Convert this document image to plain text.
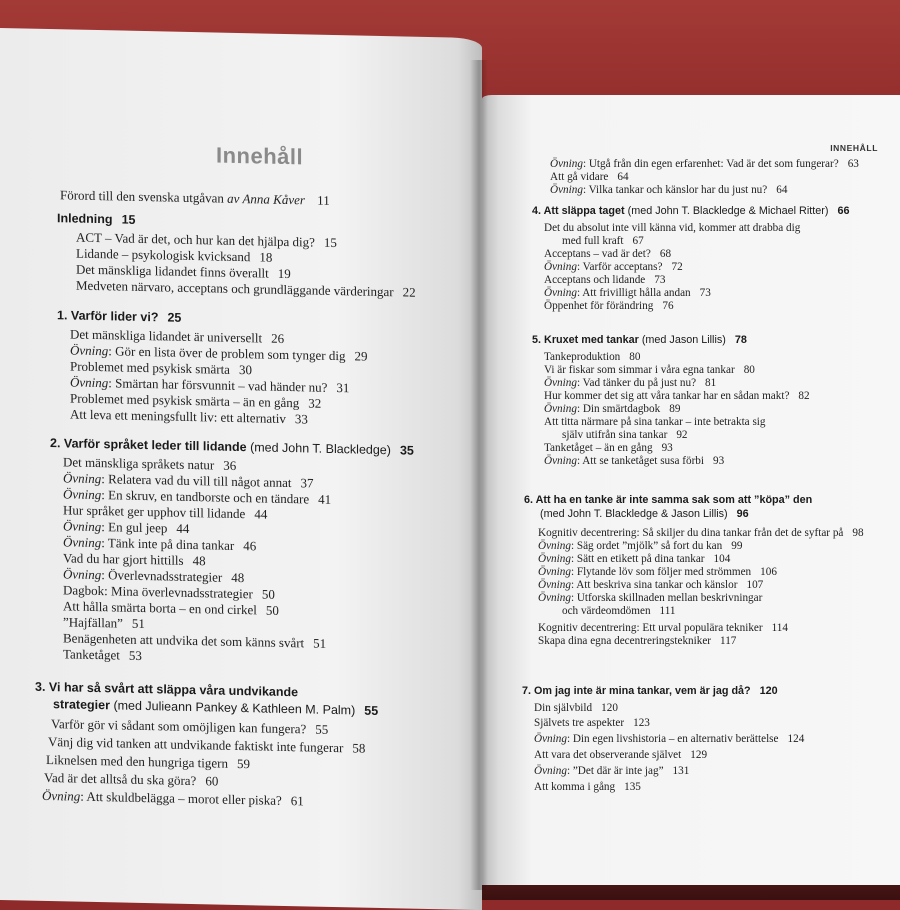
Innehåll
Förord till den svenska utgåvan av Anna Kåver 11
Inledning 15
ACT – Vad är det, och hur kan det hjälpa dig? 15
Lidande – psykologisk kvicksand 18
Det mänskliga lidandet finns överallt 19
Medveten närvaro, acceptans och grundläggande värderingar 22
1. Varför lider vi? 25
Det mänskliga lidandet är universellt 26
Övning: Gör en lista över de problem som tynger dig 29
Problemet med psykisk smärta 30
Övning: Smärtan har försvunnit – vad händer nu? 31
Problemet med psykisk smärta – än en gång 32
Att leva ett meningsfullt liv: ett alternativ 33
2. Varför språket leder till lidande (med John T. Blackledge) 35
Det mänskliga språkets natur 36
Övning: Relatera vad du vill till något annat 37
Övning: En skruv, en tandborste och en tändare 41
Hur språket ger upphov till lidande 44
Övning: En gul jeep 44
Övning: Tänk inte på dina tankar 46
Vad du har gjort hittills 48
Övning: Överlevnadsstrategier 48
Dagbok: Mina överlevnadsstrategier 50
Att hålla smärta borta – en ond cirkel 50
”Hajfällan” 51
Benägenheten att undvika det som känns svårt 51
Tanketåget 53
3. Vi har så svårt att släppa våra undvikande
strategier (med Julieann Pankey & Kathleen M. Palm) 55
Varför gör vi sådant som omöjligen kan fungera? 55
Vänj dig vid tanken att undvikande faktiskt inte fungerar 58
Liknelsen med den hungriga tigern 59
Vad är det alltså du ska göra? 60
Övning: Att skuldbelägga – morot eller piska? 61
INNEHÅLL
Övning: Utgå från din egen erfarenhet: Vad är det som fungerar? 63
Att gå vidare 64
Övning: Vilka tankar och känslor har du just nu? 64
4. Att släppa taget (med John T. Blackledge & Michael Ritter) 66
Det du absolut inte vill känna vid, kommer att drabba dig
med full kraft 67
Acceptans – vad är det? 68
Övning: Varför acceptans? 72
Acceptans och lidande 73
Övning: Att frivilligt hålla andan 73
Öppenhet för förändring 76
5. Kruxet med tankar (med Jason Lillis) 78
Tankeproduktion 80
Vi är fiskar som simmar i våra egna tankar 80
Övning: Vad tänker du på just nu? 81
Hur kommer det sig att våra tankar har en sådan makt? 82
Övning: Din smärtdagbok 89
Att titta närmare på sina tankar – inte betrakta sig
själv utifrån sina tankar 92
Tanketåget – än en gång 93
Övning: Att se tanketåget susa förbi 93
6. Att ha en tanke är inte samma sak som att ”köpa” den
(med John T. Blackledge & Jason Lillis) 96
Kognitiv decentrering: Så skiljer du dina tankar från det de syftar på 98
Övning: Säg ordet ”mjölk” så fort du kan 99
Övning: Sätt en etikett på dina tankar 104
Övning: Flytande löv som följer med strömmen 106
Övning: Att beskriva sina tankar och känslor 107
Övning: Utforska skillnaden mellan beskrivningar
och värdeomdömen 111
Kognitiv decentrering: Ett urval populära tekniker 114
Skapa dina egna decentreringstekniker 117
7. Om jag inte är mina tankar, vem är jag då? 120
Din självbild 120
Självets tre aspekter 123
Övning: Din egen livshistoria – en alternativ berättelse 124
Att vara det observerande självet 129
Övning: ”Det där är inte jag” 131
Att komma i gång 135
